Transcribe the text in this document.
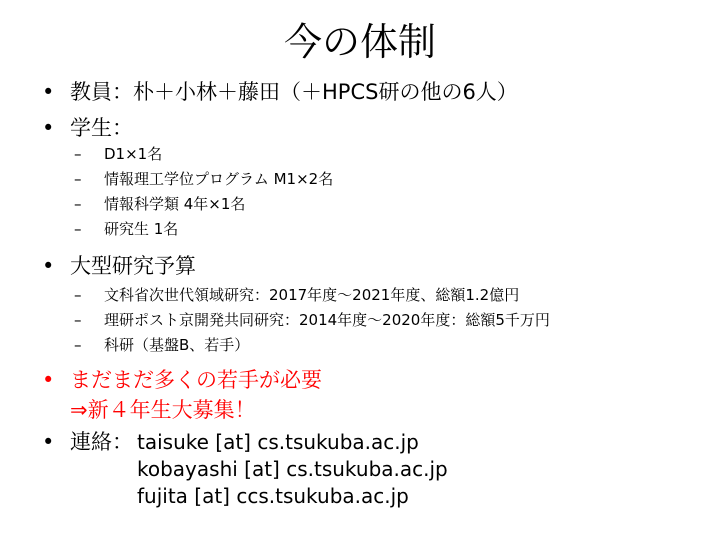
今の体制
• 教員：朴＋小林＋藤田（＋HPCS研の他の6人）
• 学生：
– D1×1名
– 情報理工学位プログラム M1×2名
– 情報科学類 4年×1名
– 研究生 1名
• 大型研究予算
– 文科省次世代領域研究：2017年度～2021年度、総額1.2億円
– 理研ポスト京開発共同研究：2014年度～2020年度：総額5千万円
– 科研（基盤B、若手）
• まだまだ多くの若手が必要
⇒新４年生大募集！
• 連絡： taisuke [at] cs.tsukuba.ac.jp
kobayashi [at] cs.tsukuba.ac.jp
fujita [at] ccs.tsukuba.ac.jp
